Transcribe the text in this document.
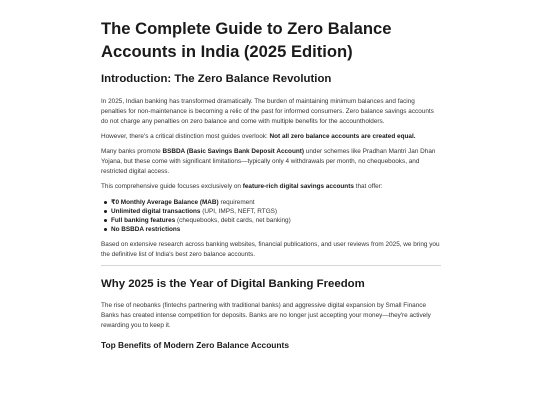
The Complete Guide to Zero Balance Accounts in India (2025 Edition)
Introduction: The Zero Balance Revolution

In 2025, Indian banking has transformed dramatically. The burden of maintaining minimum balances and facing penalties for non-maintenance is becoming a relic of the past for informed consumers. Zero balance savings accounts do not charge any penalties on zero balance and come with multiple benefits for the accountholders.

However, there's a critical distinction most guides overlook: Not all zero balance accounts are created equal.

Many banks promote BSBDA (Basic Savings Bank Deposit Account) under schemes like Pradhan Mantri Jan Dhan Yojana, but these come with significant limitations—typically only 4 withdrawals per month, no chequebooks, and restricted digital access.

This comprehensive guide focuses exclusively on feature-rich digital savings accounts that offer:

₹0 Monthly Average Balance (MAB) requirement
Unlimited digital transactions (UPI, IMPS, NEFT, RTGS)
Full banking features (chequebooks, debit cards, net banking)
No BSBDA restrictions

Based on extensive research across banking websites, financial publications, and user reviews from 2025, we bring you the definitive list of India's best zero balance accounts.

Why 2025 is the Year of Digital Banking Freedom

The rise of neobanks (fintechs partnering with traditional banks) and aggressive digital expansion by Small Finance Banks has created intense competition for deposits. Banks are no longer just accepting your money—they're actively rewarding you to keep it.

Top Benefits of Modern Zero Balance Accounts
